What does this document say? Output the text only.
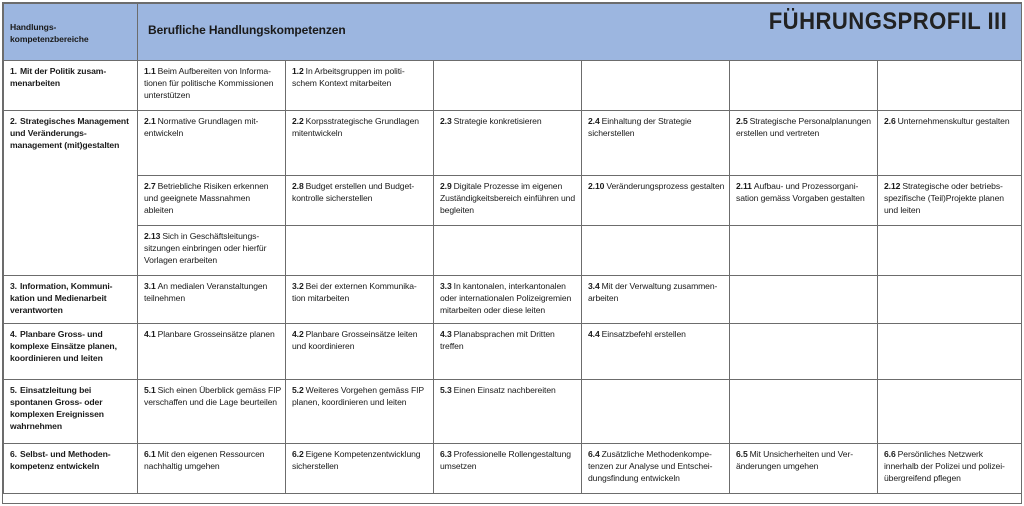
Handlungs-kompetenzbereiche	Berufliche Handlungskompetenzen FÜHRUNGSPROFIL III					

1. Mit der Politik zusam-menarbeiten	1.1 Beim Aufbereiten von Informa-tionen für politische Kommissionen unterstützen	1.2 In Arbeitsgruppen im politi-schem Kontext mitarbeiten				
2. Strategisches Management und Veränderungs-management (mit)gestalten	2.1 Normative Grundlagen mit-entwickeln	2.2 Korpsstrategische Grundlagen mitentwickeln	2.3 Strategie konkretisieren	2.4 Einhaltung der Strategie sicherstellen	2.5 Strategische Personalplanungen erstellen und vertreten	2.6 Unternehmenskultur gestalten
	2.7 Betriebliche Risiken erkennen und geeignete Massnahmen ableiten	2.8 Budget erstellen und Budget-kontrolle sicherstellen	2.9 Digitale Prozesse im eigenen Zuständigkeitsbereich einführen und begleiten	2.10 Veränderungsprozess gestalten	2.11 Aufbau- und Prozessorgani-sation gemäss Vorgaben gestalten	2.12 Strategische oder betriebs-spezifische (Teil)Projekte planen und leiten
	2.13 Sich in Geschäftsleitungs-sitzungen einbringen oder hierfür Vorlagen erarbeiten					
3. Information, Kommuni-kation und Medienarbeit verantworten	3.1 An medialen Veranstaltungen teilnehmen	3.2 Bei der externen Kommunika-tion mitarbeiten	3.3 In kantonalen, interkantonalen oder internationalen Polizeigremien mitarbeiten oder diese leiten	3.4 Mit der Verwaltung zusammen-arbeiten		
4. Planbare Gross- und komplexe Einsätze planen, koordinieren und leiten	4.1 Planbare Grosseinsätze planen	4.2 Planbare Grosseinsätze leiten und koordinieren	4.3 Planabsprachen mit Dritten treffen	4.4 Einsatzbefehl erstellen		
5. Einsatzleitung bei spontanen Gross- oder komplexen Ereignissen wahrnehmen	5.1 Sich einen Überblick gemäss FIP verschaffen und die Lage beurteilen	5.2 Weiteres Vorgehen gemäss FIP planen, koordinieren und leiten	5.3 Einen Einsatz nachbereiten			
6. Selbst- und Methoden-kompetenz entwickeln	6.1 Mit den eigenen Ressourcen nachhaltig umgehen	6.2 Eigene Kompetenzentwicklung sicherstellen	6.3 Professionelle Rollengestaltung umsetzen	6.4 Zusätzliche Methodenkompe-tenzen zur Analyse und Entschei-dungsfindung entwickeln	6.5 Mit Unsicherheiten und Ver-änderungen umgehen	6.6 Persönliches Netzwerk innerhalb der Polizei und polizei-übergreifend pflegen
